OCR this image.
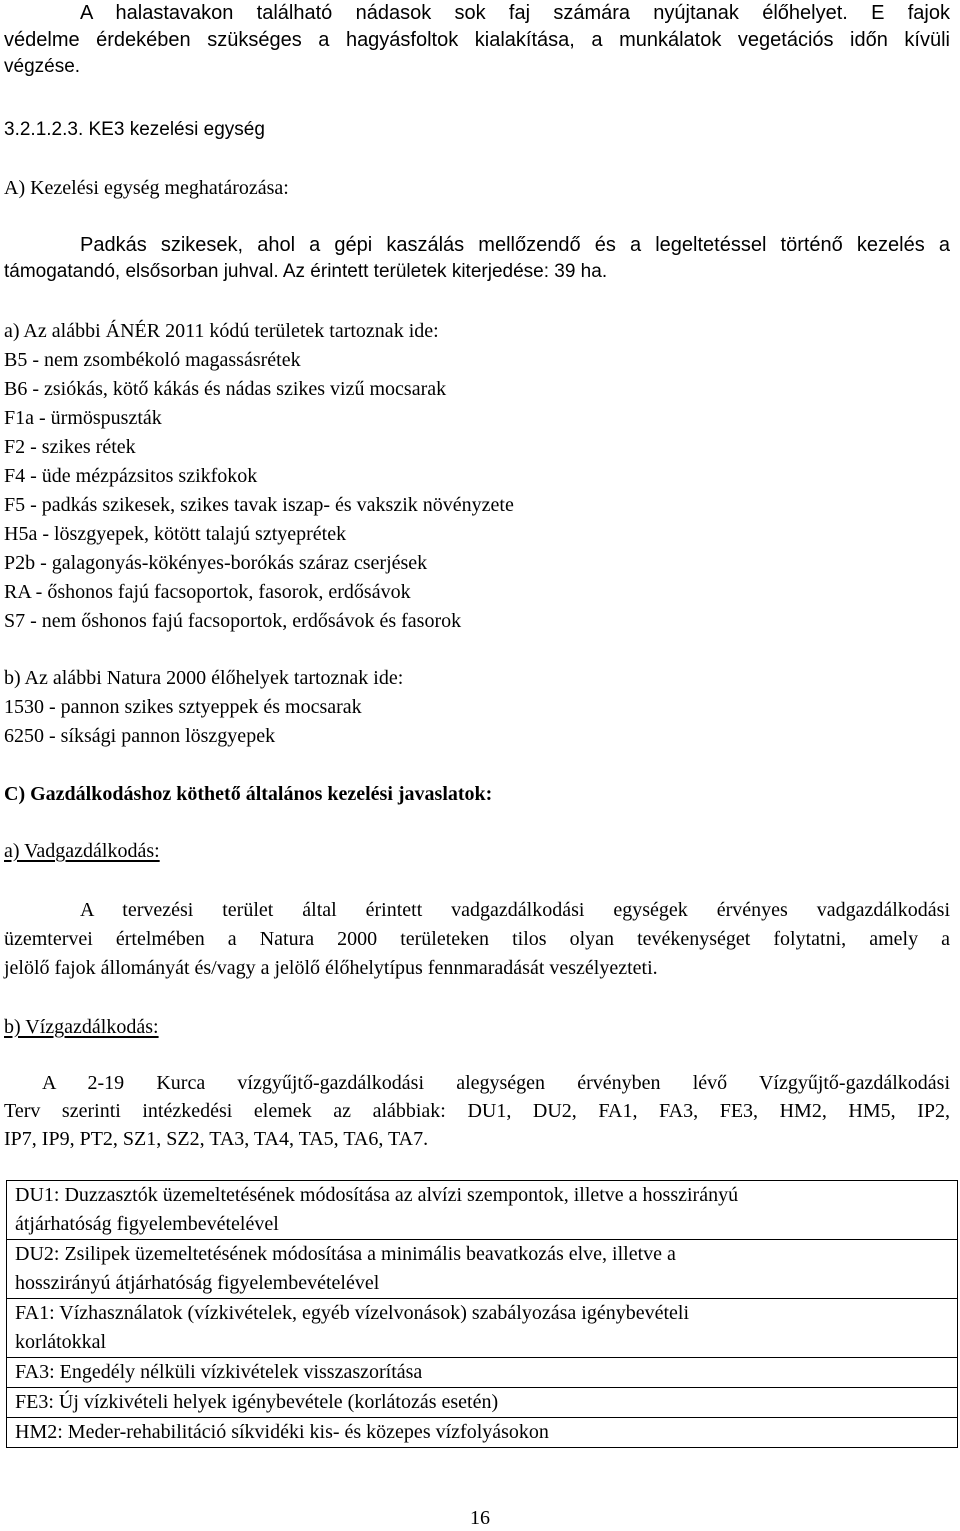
A halastavakon található nádasok sok faj számára nyújtanak élőhelyet. E fajok
védelme érdekében szükséges a hagyásfoltok kialakítása, a munkálatok vegetációs időn kívüli
végzése.
3.2.1.2.3. KE3 kezelési egység
A) Kezelési egység meghatározása:
Padkás szikesek, ahol a gépi kaszálás mellőzendő és a legeltetéssel történő kezelés a
támogatandó, elsősorban juhval. Az érintett területek kiterjedése: 39 ha.
a) Az alábbi ÁNÉR 2011 kódú területek tartoznak ide:
B5 - nem zsombékoló magassásrétek
B6 - zsiókás, kötő kákás és nádas szikes vizű mocsarak
F1a - ürmöspuszták
F2 - szikes rétek
F4 - üde mézpázsitos szikfokok
F5 - padkás szikesek, szikes tavak iszap- és vakszik növényzete
H5a - löszgyepek, kötött talajú sztyeprétek
P2b - galagonyás-kökényes-borókás száraz cserjések
RA - őshonos fajú facsoportok, fasorok, erdősávok
S7 - nem őshonos fajú facsoportok, erdősávok és fasorok
b) Az alábbi Natura 2000 élőhelyek tartoznak ide:
1530 - pannon szikes sztyeppek és mocsarak
6250 - síksági pannon löszgyepek
C) Gazdálkodáshoz köthető általános kezelési javaslatok:
a) Vadgazdálkodás:
A tervezési terület által érintett vadgazdálkodási egységek érvényes vadgazdálkodási
üzemtervei értelmében a Natura 2000 területeken tilos olyan tevékenységet folytatni, amely a
jelölő fajok állományát és/vagy a jelölő élőhelytípus fennmaradását veszélyezteti.
b) Vízgazdálkodás:
A 2-19 Kurca vízgyűjtő-gazdálkodási alegységen érvényben lévő Vízgyűjtő-gazdálkodási
Terv szerinti intézkedési elemek az alábbiak: DU1, DU2, FA1, FA3, FE3, HM2, HM5, IP2,
IP7, IP9, PT2, SZ1, SZ2, TA3, TA4, TA5, TA6, TA7.
DU1: Duzzasztók üzemeltetésének módosítása az alvízi szempontok, illetve a hosszirányú
átjárhatóság figyelembevételével

DU2: Zsilipek üzemeltetésének módosítása a minimális beavatkozás elve, illetve a
hosszirányú átjárhatóság figyelembevételével

FA1: Vízhasználatok (vízkivételek, egyéb vízelvonások) szabályozása igénybevételi
korlátokkal

FA3: Engedély nélküli vízkivételek visszaszorítása

FE3: Új vízkivételi helyek igénybevétele (korlátozás esetén)

HM2: Meder-rehabilitáció síkvidéki kis- és közepes vízfolyásokon
16
